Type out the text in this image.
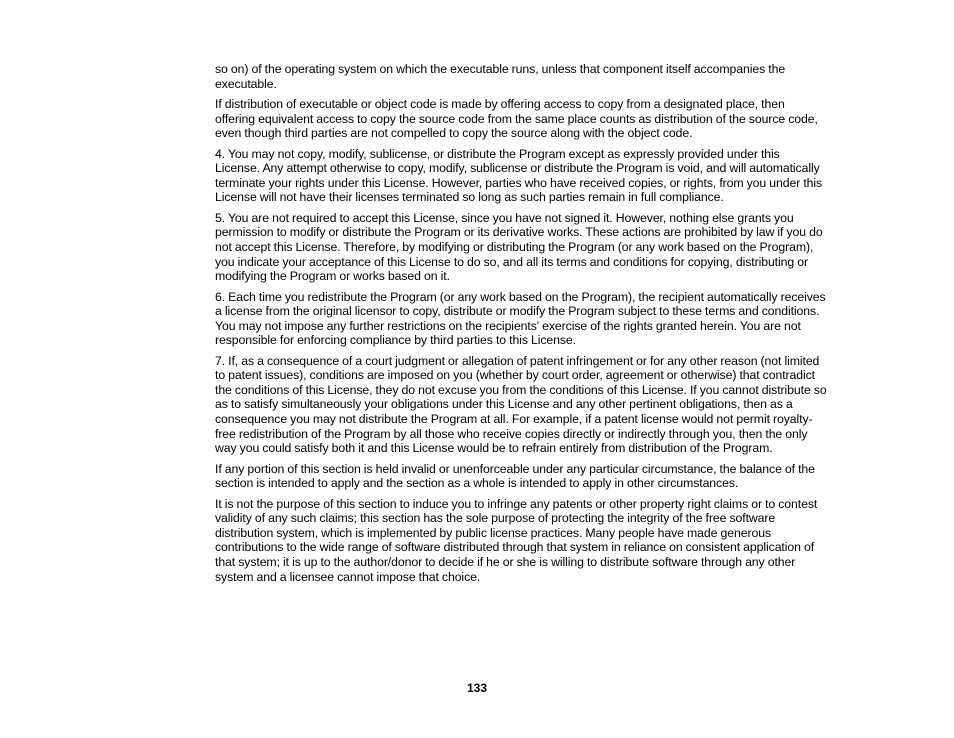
so on) of the operating system on which the executable runs, unless that component itself accompanies the executable.

If distribution of executable or object code is made by offering access to copy from a designated place, then offering equivalent access to copy the source code from the same place counts as distribution of the source code, even though third parties are not compelled to copy the source along with the object code.

4. You may not copy, modify, sublicense, or distribute the Program except as expressly provided under this License. Any attempt otherwise to copy, modify, sublicense or distribute the Program is void, and will automatically terminate your rights under this License. However, parties who have received copies, or rights, from you under this License will not have their licenses terminated so long as such parties remain in full compliance.

5. You are not required to accept this License, since you have not signed it. However, nothing else grants you permission to modify or distribute the Program or its derivative works. These actions are prohibited by law if you do not accept this License. Therefore, by modifying or distributing the Program (or any work based on the Program), you indicate your acceptance of this License to do so, and all its terms and conditions for copying, distributing or modifying the Program or works based on it.

6. Each time you redistribute the Program (or any work based on the Program), the recipient automatically receives a license from the original licensor to copy, distribute or modify the Program subject to these terms and conditions. You may not impose any further restrictions on the recipients' exercise of the rights granted herein. You are not responsible for enforcing compliance by third parties to this License.

7. If, as a consequence of a court judgment or allegation of patent infringement or for any other reason (not limited to patent issues), conditions are imposed on you (whether by court order, agreement or otherwise) that contradict the conditions of this License, they do not excuse you from the conditions of this License. If you cannot distribute so as to satisfy simultaneously your obligations under this License and any other pertinent obligations, then as a consequence you may not distribute the Program at all. For example, if a patent license would not permit royalty-free redistribution of the Program by all those who receive copies directly or indirectly through you, then the only way you could satisfy both it and this License would be to refrain entirely from distribution of the Program.

If any portion of this section is held invalid or unenforceable under any particular circumstance, the balance of the section is intended to apply and the section as a whole is intended to apply in other circumstances.

It is not the purpose of this section to induce you to infringe any patents or other property right claims or to contest validity of any such claims; this section has the sole purpose of protecting the integrity of the free software distribution system, which is implemented by public license practices. Many people have made generous contributions to the wide range of software distributed through that system in reliance on consistent application of that system; it is up to the author/donor to decide if he or she is willing to distribute software through any other system and a licensee cannot impose that choice.

133
